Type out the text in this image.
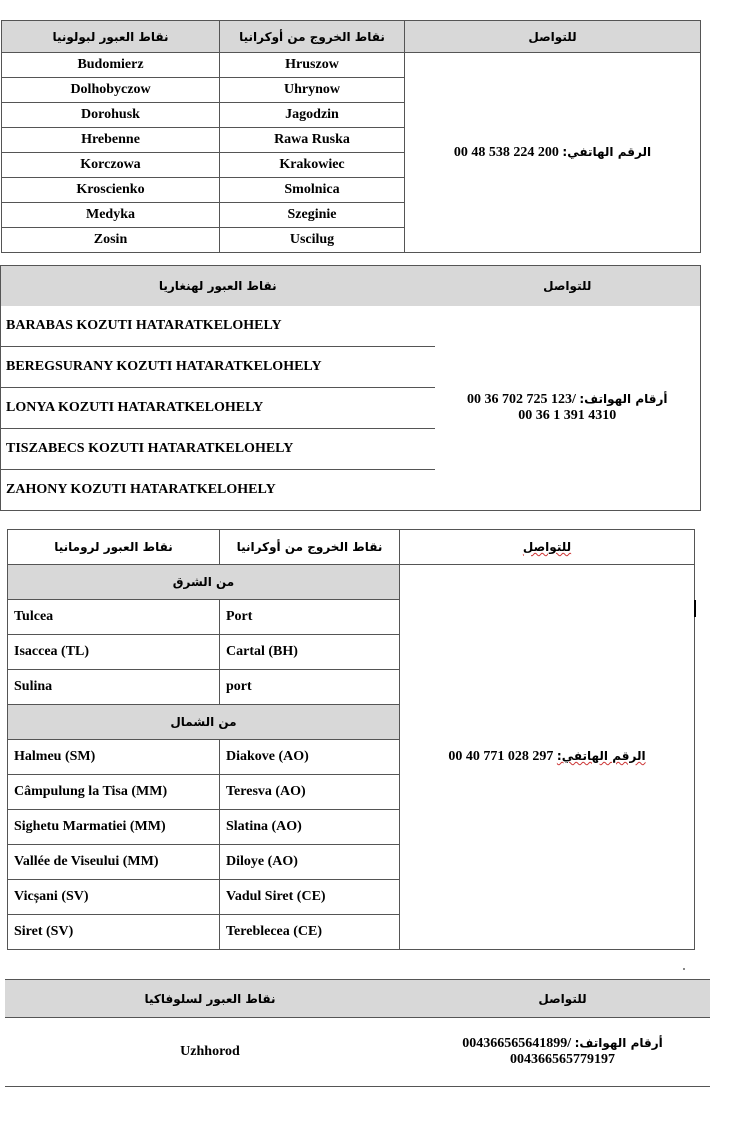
نقاط العبور لبولونيا	نقاط الخروج من أوكرانيا	للتواصل
Budomierz	Hruszow	الرقم الهاتفي: 00 48 538 224 200
Dolhobyczow	Uhrynow	
Dorohusk	Jagodzin	
Hrebenne	Rawa Ruska	
Korczowa	Krakowiec	
Kroscienko	Smolnica	
Medyka	Szeginie	
Zosin	Uscilug	
نقاط العبور لهنغاريا	للتواصل
BARABAS KOZUTI HATARATKELOHELY	أرقام الهواتف: 00 36 702 725 123/
00 36 1 391 4310

BEREGSURANY KOZUTI HATARATKELOHELY	
LONYA KOZUTI HATARATKELOHELY	
TISZABECS KOZUTI HATARATKELOHELY	
ZAHONY KOZUTI HATARATKELOHELY	
نقاط العبور لرومانيا	نقاط الخروج من أوكرانيا	للتواصل
من الشرق		الرقم الهاتفي: 00 40 771 028 297
Tulcea	Port	
Isaccea (TL)	Cartal (BH)	
Sulina	port	
من الشمال		
Halmeu (SM)	Diakove (AO)	
Câmpulung la Tisa (MM)	Teresva (AO)	
Sighetu Marmatiei (MM)	Slatina (AO)	
Vallée de Viseului (MM)	Diloye (AO)	
Vicșani (SV)	Vadul Siret (CE)	
Siret (SV)	Tereblecea (CE)	
نقاط العبور لسلوفاكيا	للتواصل
Uzhhorod	أرقام الهواتف: 004366565641899/
004366565779197
